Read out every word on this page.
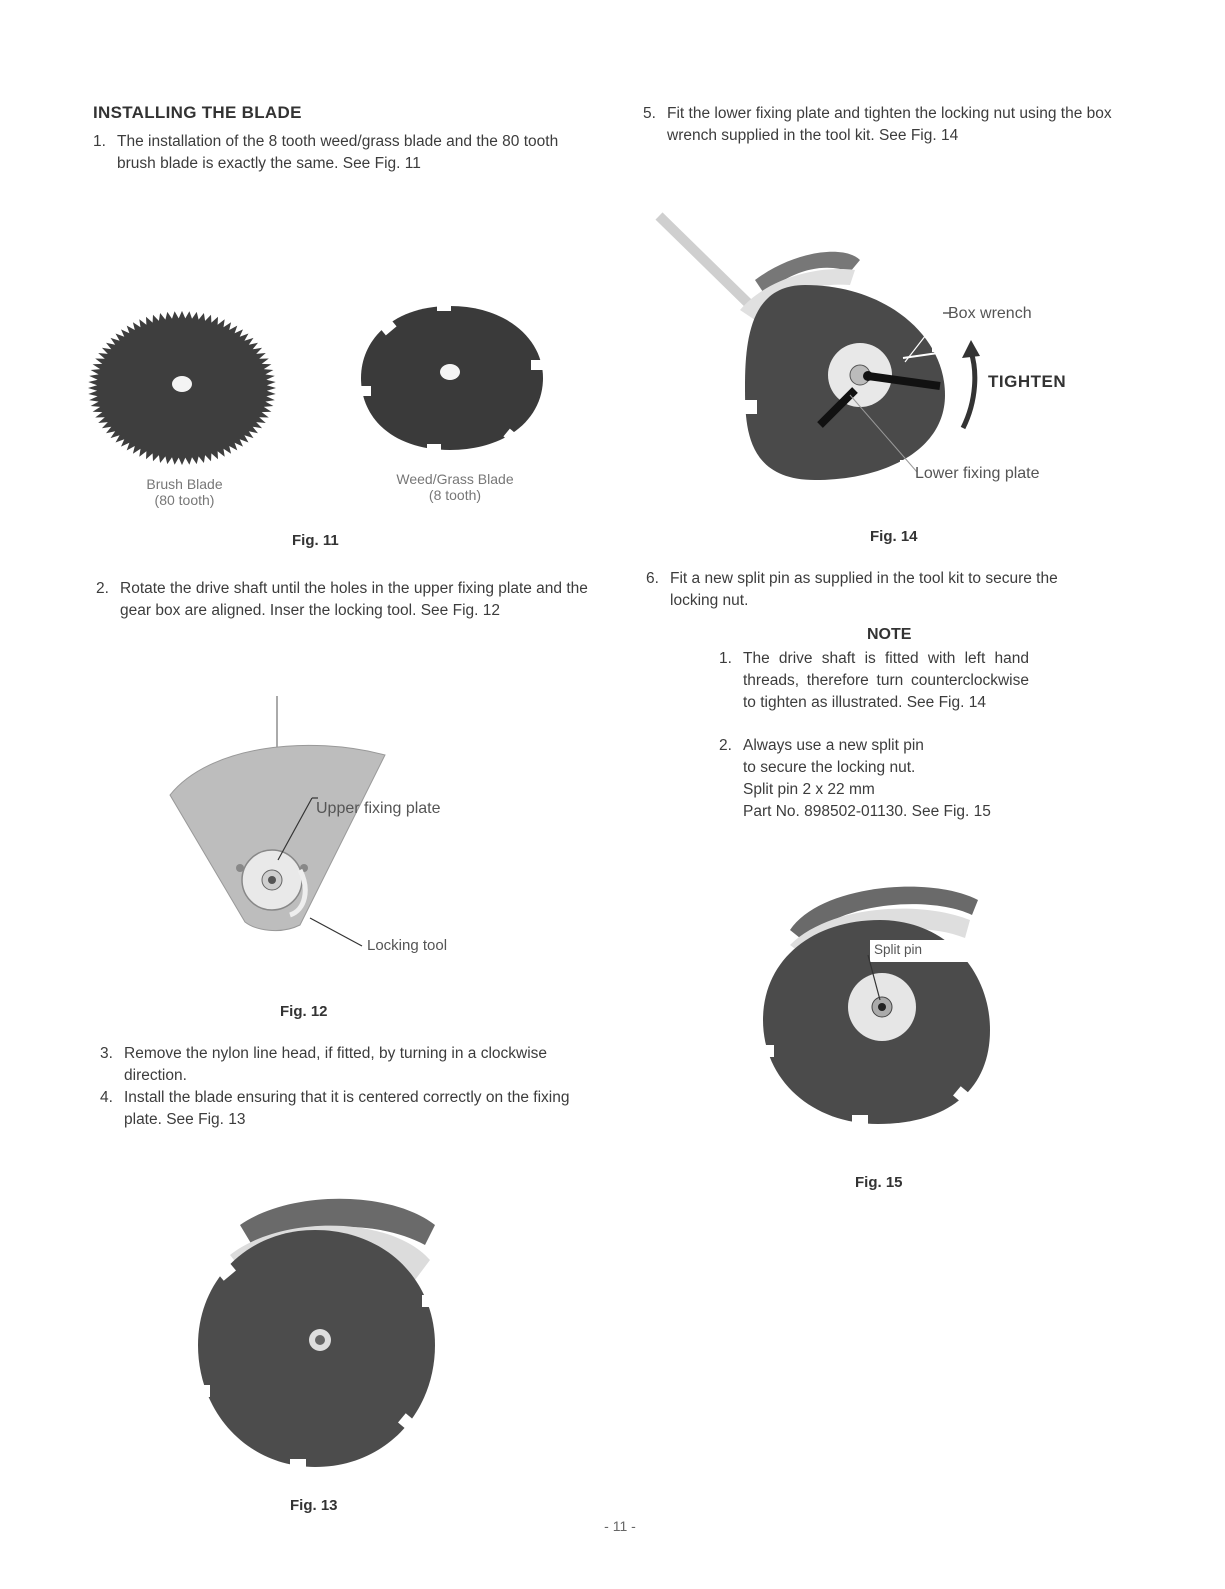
INSTALLING THE BLADE
1. The installation of the 8 tooth weed/grass blade and the 80 tooth brush blade is exactly the same. See Fig. 11
Brush Blade
(80 tooth)
Weed/Grass Blade
(8 tooth)
Fig. 11
2. Rotate the drive shaft until the holes in the upper fixing plate and the gear box are aligned. Inser the locking tool. See Fig. 12
Upper fixing plate
Locking tool
Fig. 12
3. Remove the nylon line head, if fitted, by turning in a clockwise direction.
4. Install the blade ensuring that it is centered correctly on the fixing plate. See Fig. 13
Fig. 13
5. Fit the lower fixing plate and tighten the locking nut using the box wrench supplied in the tool kit. See Fig. 14
Box wrench
TIGHTEN
Lower fixing plate
Fig. 14
6. Fit a new split pin as supplied in the tool kit to secure the locking nut.
NOTE
1. The drive shaft is fitted with left hand threads, therefore turn counterclockwise to tighten as illustrated. See Fig. 14
2. Always use a new split pin
to secure the locking nut.
Split pin 2 x 22 mm
Part No. 898502-01130. See Fig. 15
Split pin
Fig. 15
- 11 -
